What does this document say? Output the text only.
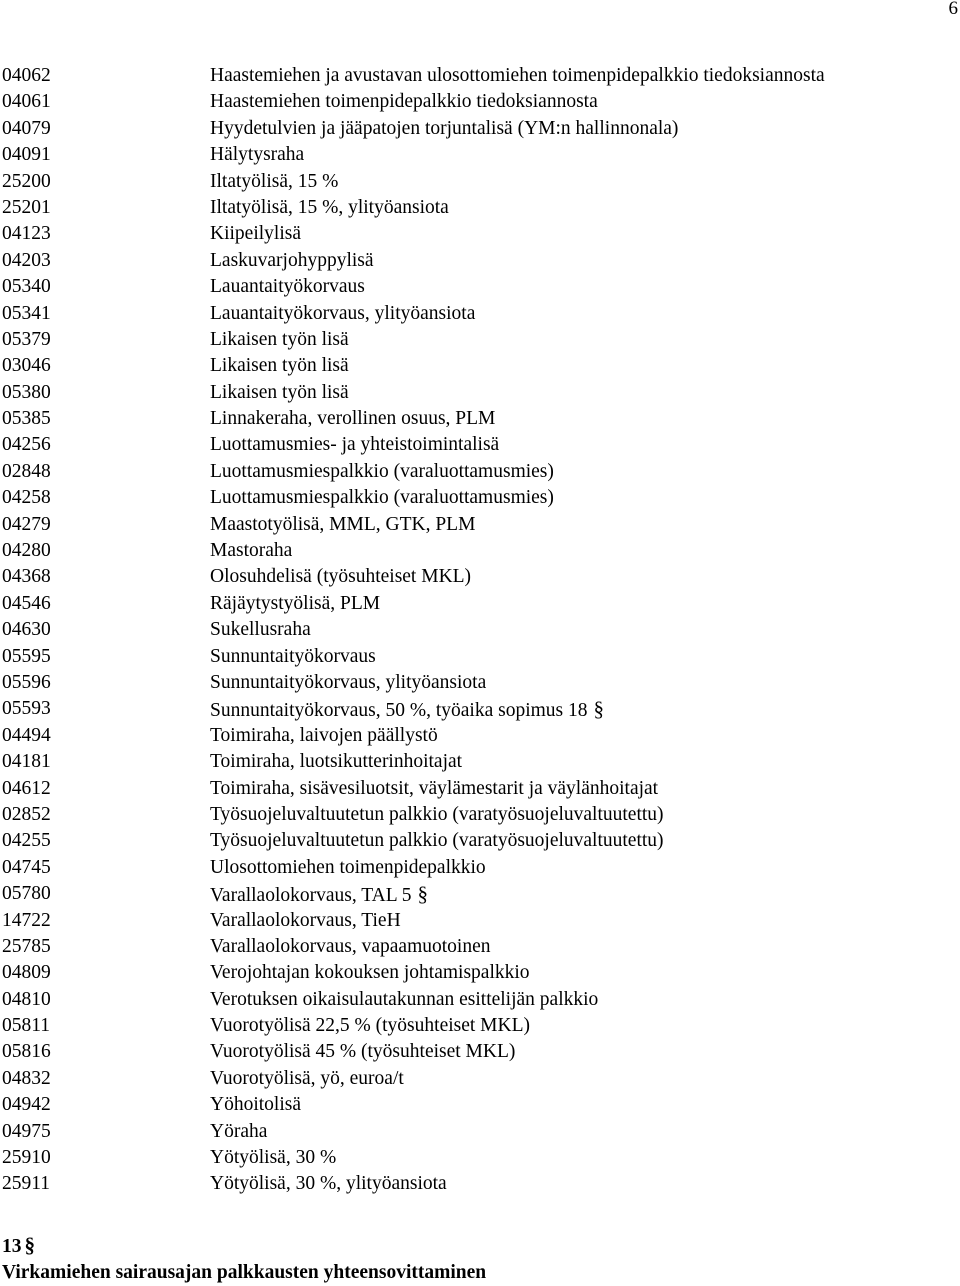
6
04062	Haastemiehen ja avustavan ulosottomiehen toimenpidepalkkio tiedoksiannosta
04061	Haastemiehen toimenpidepalkkio tiedoksiannosta
04079	Hyydetulvien ja jääpatojen torjuntalisä (YM:n hallinnonala)
04091	Hälytysraha
25200	Iltatyölisä, 15 %
25201	Iltatyölisä, 15 %, ylityöansiota
04123	Kiipeilylisä
04203	Laskuvarjohyppylisä
05340	Lauantaityökorvaus
05341	Lauantaityökorvaus, ylityöansiota
05379	Likaisen työn lisä
03046	Likaisen työn lisä
05380	Likaisen työn lisä
05385	Linnakeraha, verollinen osuus, PLM
04256	Luottamusmies- ja yhteistoimintalisä
02848	Luottamusmiespalkkio (varaluottamusmies)
04258	Luottamusmiespalkkio (varaluottamusmies)
04279	Maastotyölisä, MML, GTK, PLM
04280	Mastoraha
04368	Olosuhdelisä (työsuhteiset MKL)
04546	Räjäytystyölisä, PLM
04630	Sukellusraha
05595	Sunnuntaityökorvaus
05596	Sunnuntaityökorvaus, ylityöansiota
05593	Sunnuntaityökorvaus, 50 %, työaika sopimus 18 §
04494	Toimiraha, laivojen päällystö
04181	Toimiraha, luotsikutterinhoitajat
04612	Toimiraha, sisävesiluotsit, väylämestarit ja väylänhoitajat
02852	Työsuojeluvaltuutetun palkkio (varatyösuojeluvaltuutettu)
04255	Työsuojeluvaltuutetun palkkio (varatyösuojeluvaltuutettu)
04745	Ulosottomiehen toimenpidepalkkio
05780	Varallaolokorvaus, TAL 5 §
14722	Varallaolokorvaus, TieH
25785	Varallaolokorvaus, vapaamuotoinen
04809	Verojohtajan kokouksen johtamispalkkio
04810	Verotuksen oikaisulautakunnan esittelijän palkkio
05811	Vuorotyölisä 22,5 % (työsuhteiset MKL)
05816	Vuorotyölisä 45 % (työsuhteiset MKL)
04832	Vuorotyölisä, yö, euroa/t
04942	Yöhoitolisä
04975	Yöraha
25910	Yötyölisä, 30 %
25911	Yötyölisä, 30 %, ylityöansiota
13 §
Virkamiehen sairausajan palkkausten yhteensovittaminen
